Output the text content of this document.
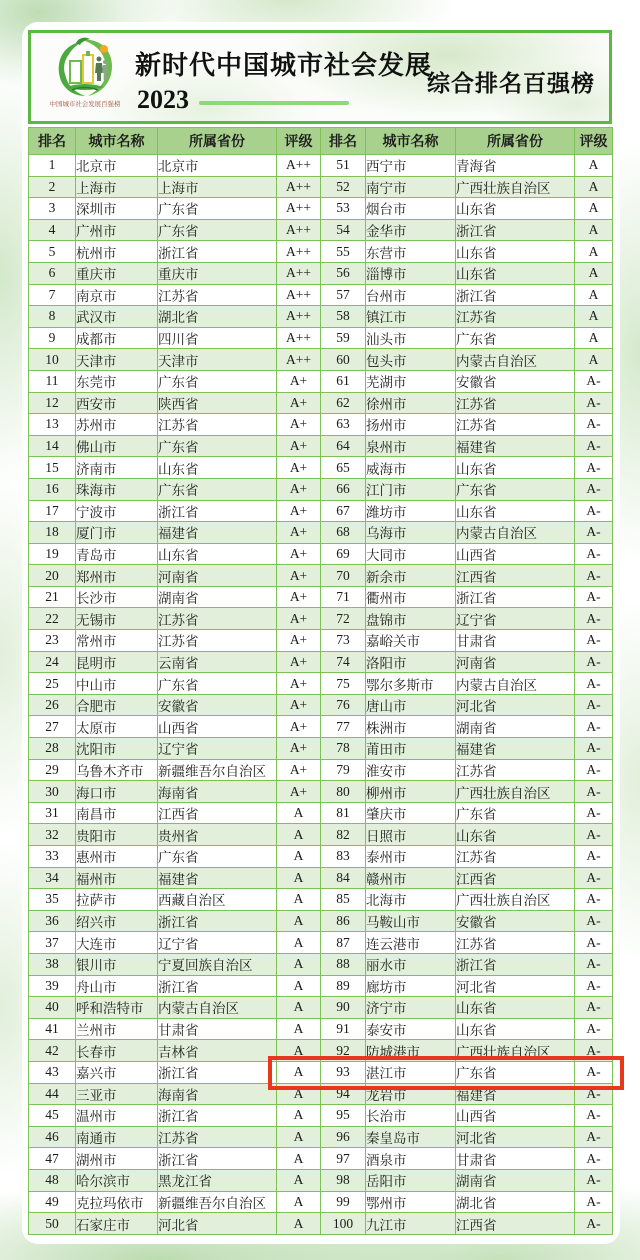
中国城市社会发展百强榜
新时代中国城市社会发展
2023
综合排名百强榜
排名	城市名称	所属省份	评级	排名	城市名称	所属省份	评级
1	北京市	北京市	A++	51	西宁市	青海省	A
2	上海市	上海市	A++	52	南宁市	广西壮族自治区	A
3	深圳市	广东省	A++	53	烟台市	山东省	A
4	广州市	广东省	A++	54	金华市	浙江省	A
5	杭州市	浙江省	A++	55	东营市	山东省	A
6	重庆市	重庆市	A++	56	淄博市	山东省	A
7	南京市	江苏省	A++	57	台州市	浙江省	A
8	武汉市	湖北省	A++	58	镇江市	江苏省	A
9	成都市	四川省	A++	59	汕头市	广东省	A
10	天津市	天津市	A++	60	包头市	内蒙古自治区	A
11	东莞市	广东省	A+	61	芜湖市	安徽省	A-
12	西安市	陕西省	A+	62	徐州市	江苏省	A-
13	苏州市	江苏省	A+	63	扬州市	江苏省	A-
14	佛山市	广东省	A+	64	泉州市	福建省	A-
15	济南市	山东省	A+	65	威海市	山东省	A-
16	珠海市	广东省	A+	66	江门市	广东省	A-
17	宁波市	浙江省	A+	67	潍坊市	山东省	A-
18	厦门市	福建省	A+	68	乌海市	内蒙古自治区	A-
19	青岛市	山东省	A+	69	大同市	山西省	A-
20	郑州市	河南省	A+	70	新余市	江西省	A-
21	长沙市	湖南省	A+	71	衢州市	浙江省	A-
22	无锡市	江苏省	A+	72	盘锦市	辽宁省	A-
23	常州市	江苏省	A+	73	嘉峪关市	甘肃省	A-
24	昆明市	云南省	A+	74	洛阳市	河南省	A-
25	中山市	广东省	A+	75	鄂尔多斯市	内蒙古自治区	A-
26	合肥市	安徽省	A+	76	唐山市	河北省	A-
27	太原市	山西省	A+	77	株洲市	湖南省	A-
28	沈阳市	辽宁省	A+	78	莆田市	福建省	A-
29	乌鲁木齐市	新疆维吾尔自治区	A+	79	淮安市	江苏省	A-
30	海口市	海南省	A+	80	柳州市	广西壮族自治区	A-
31	南昌市	江西省	A	81	肇庆市	广东省	A-
32	贵阳市	贵州省	A	82	日照市	山东省	A-
33	惠州市	广东省	A	83	泰州市	江苏省	A-
34	福州市	福建省	A	84	赣州市	江西省	A-
35	拉萨市	西藏自治区	A	85	北海市	广西壮族自治区	A-
36	绍兴市	浙江省	A	86	马鞍山市	安徽省	A-
37	大连市	辽宁省	A	87	连云港市	江苏省	A-
38	银川市	宁夏回族自治区	A	88	丽水市	浙江省	A-
39	舟山市	浙江省	A	89	廊坊市	河北省	A-
40	呼和浩特市	内蒙古自治区	A	90	济宁市	山东省	A-
41	兰州市	甘肃省	A	91	泰安市	山东省	A-
42	长春市	吉林省	A	92	防城港市	广西壮族自治区	A-
43	嘉兴市	浙江省	A	93	湛江市	广东省	A-
44	三亚市	海南省	A	94	龙岩市	福建省	A-
45	温州市	浙江省	A	95	长治市	山西省	A-
46	南通市	江苏省	A	96	秦皇岛市	河北省	A-
47	湖州市	浙江省	A	97	酒泉市	甘肃省	A-
48	哈尔滨市	黑龙江省	A	98	岳阳市	湖南省	A-
49	克拉玛依市	新疆维吾尔自治区	A	99	鄂州市	湖北省	A-
50	石家庄市	河北省	A	100	九江市	江西省	A-
